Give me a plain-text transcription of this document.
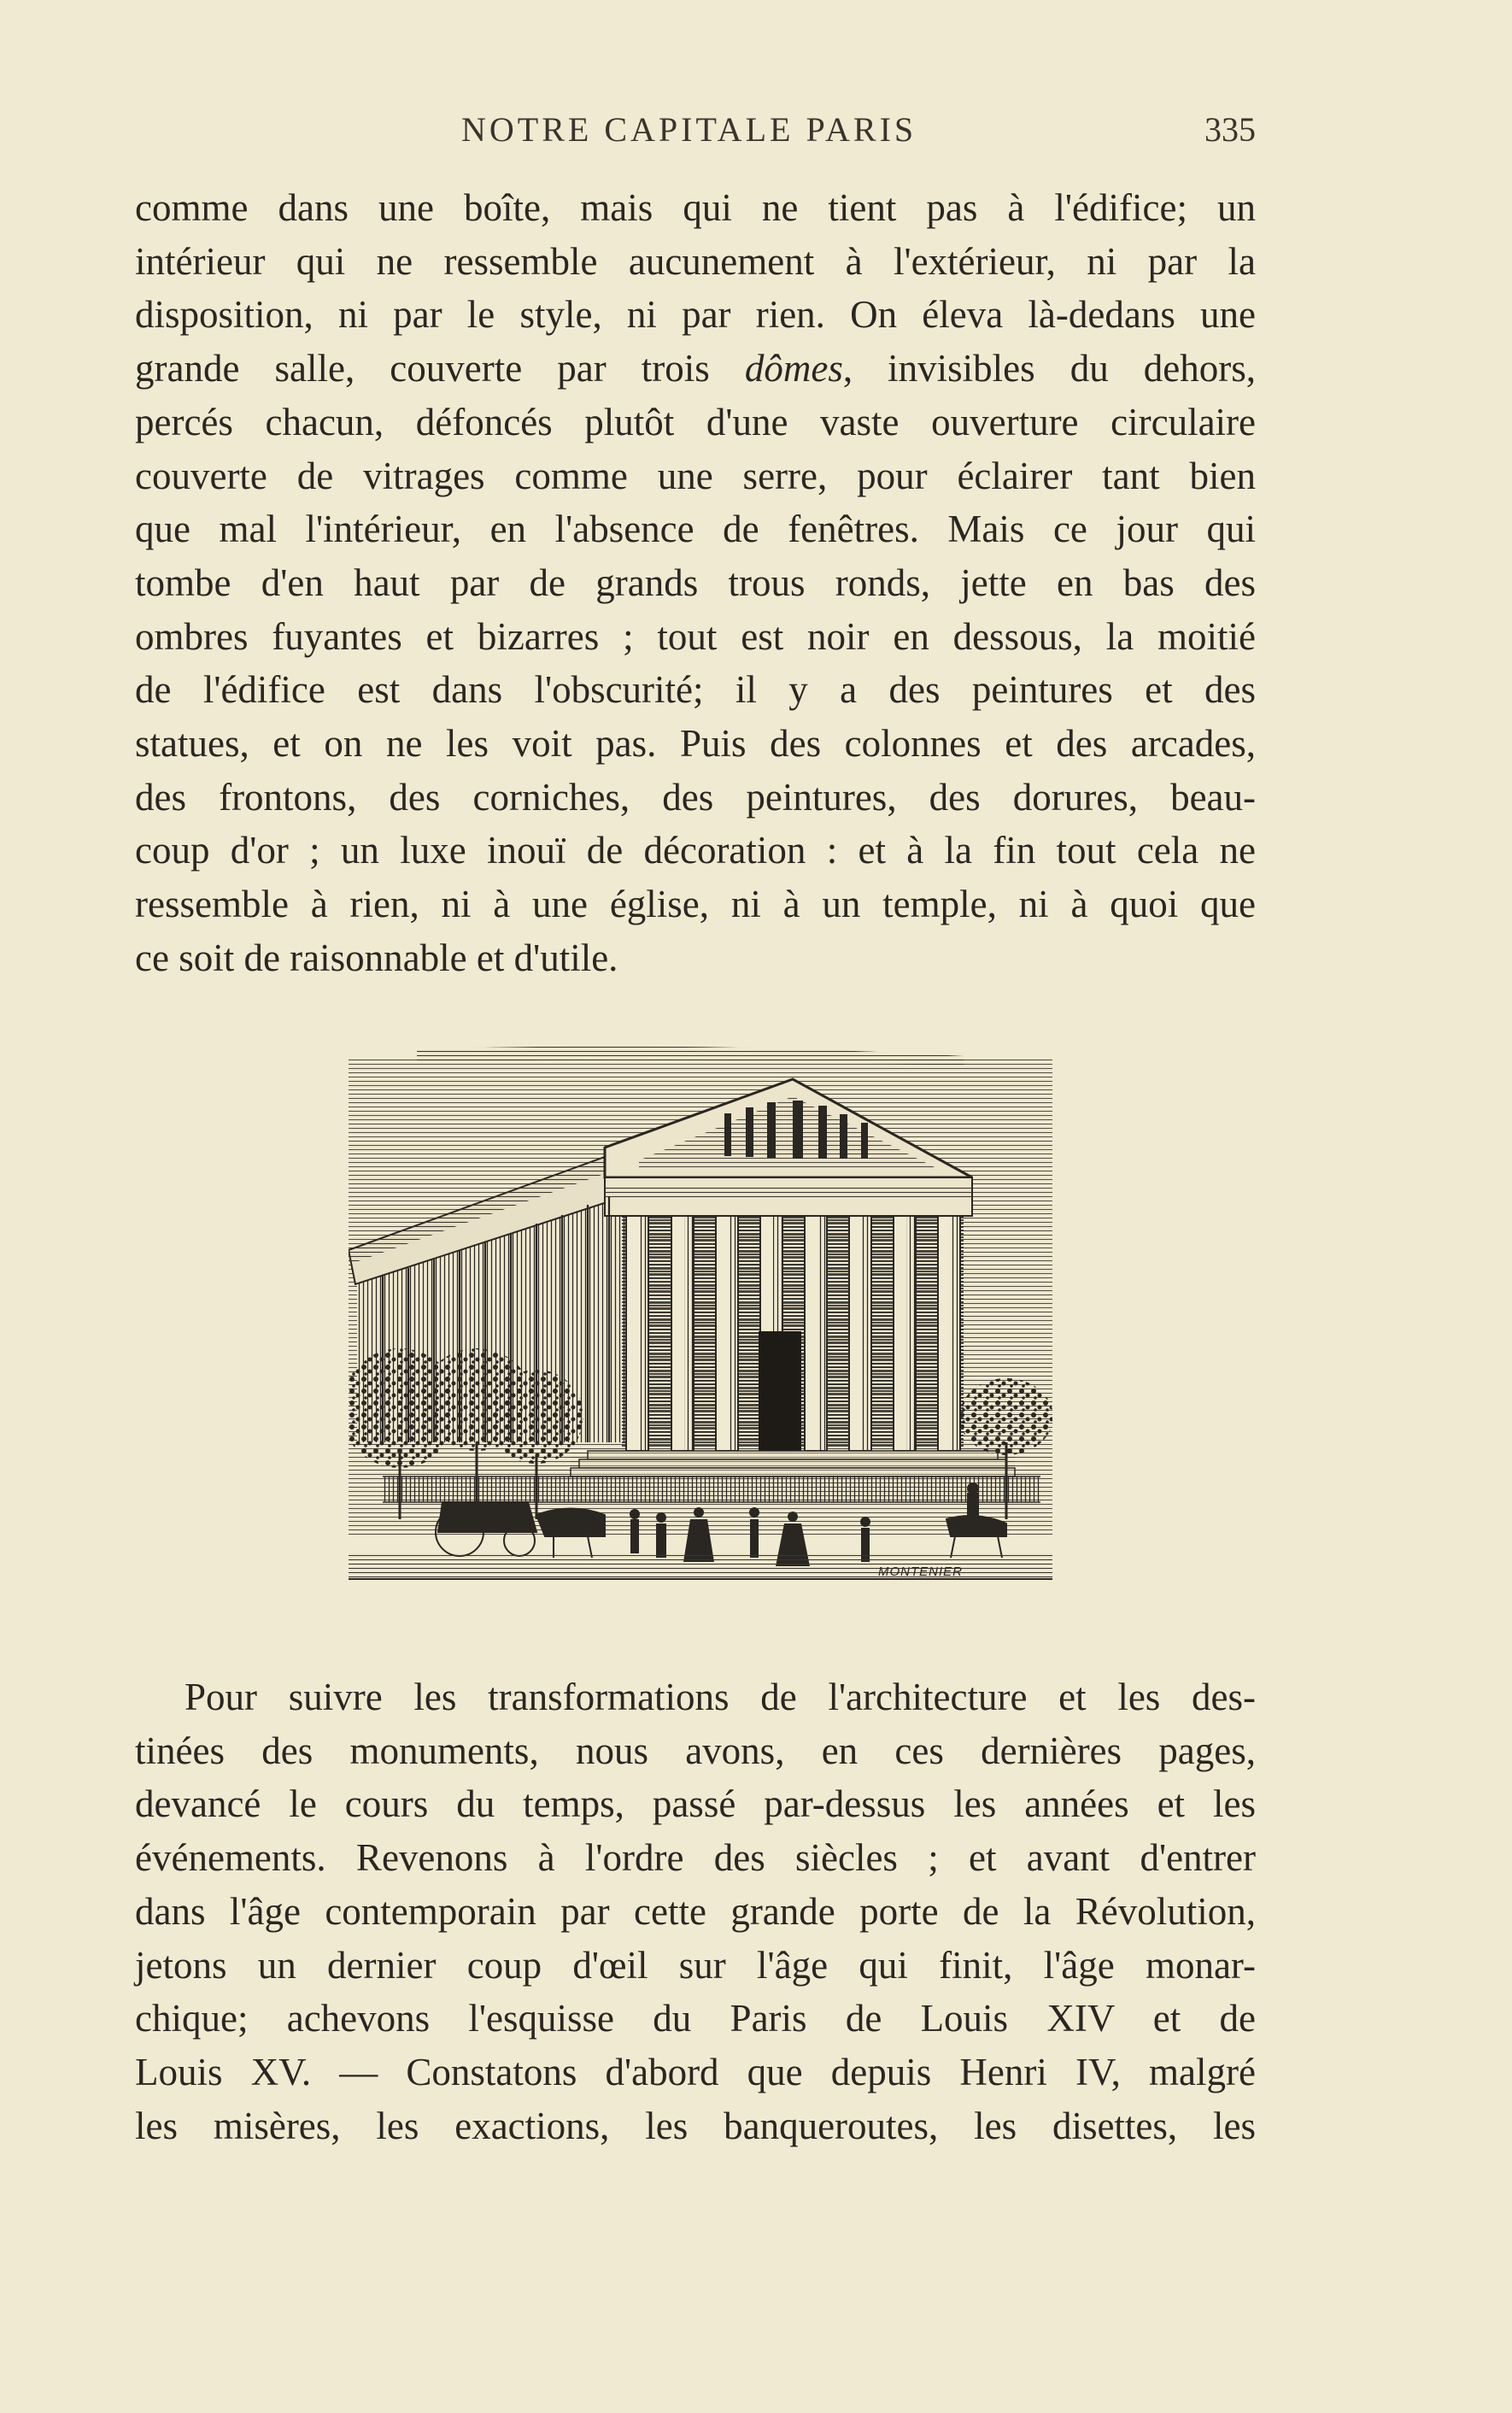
NOTRE CAPITALE PARIS	335
comme dans une boîte, mais qui ne tient pas à l'édifice; un
intérieur qui ne ressemble aucunement à l'extérieur, ni par la
disposition, ni par le style, ni par rien. On éleva là-dedans une
grande salle, couverte par trois dômes, invisibles du dehors,
percés chacun, défoncés plutôt d'une vaste ouverture circulaire
couverte de vitrages comme une serre, pour éclairer tant bien
que mal l'intérieur, en l'absence de fenêtres. Mais ce jour qui
tombe d'en haut par de grands trous ronds, jette en bas des
ombres fuyantes et bizarres ; tout est noir en dessous, la moitié
de l'édifice est dans l'obscurité; il y a des peintures et des
statues, et on ne les voit pas. Puis des colonnes et des arcades,
des frontons, des corniches, des peintures, des dorures, beau-
coup d'or ; un luxe inouï de décoration : et à la fin tout cela ne
ressemble à rien, ni à une église, ni à un temple, ni à quoi que
ce soit de raisonnable et d'utile.
MONTENIER
Pour suivre les transformations de l'architecture et les des-
tinées des monuments, nous avons, en ces dernières pages,
devancé le cours du temps, passé par-dessus les années et les
événements. Revenons à l'ordre des siècles ; et avant d'entrer
dans l'âge contemporain par cette grande porte de la Révolution,
jetons un dernier coup d'œil sur l'âge qui finit, l'âge monar-
chique; achevons l'esquisse du Paris de Louis XIV et de
Louis XV. — Constatons d'abord que depuis Henri IV, malgré
les misères, les exactions, les banqueroutes, les disettes, les
